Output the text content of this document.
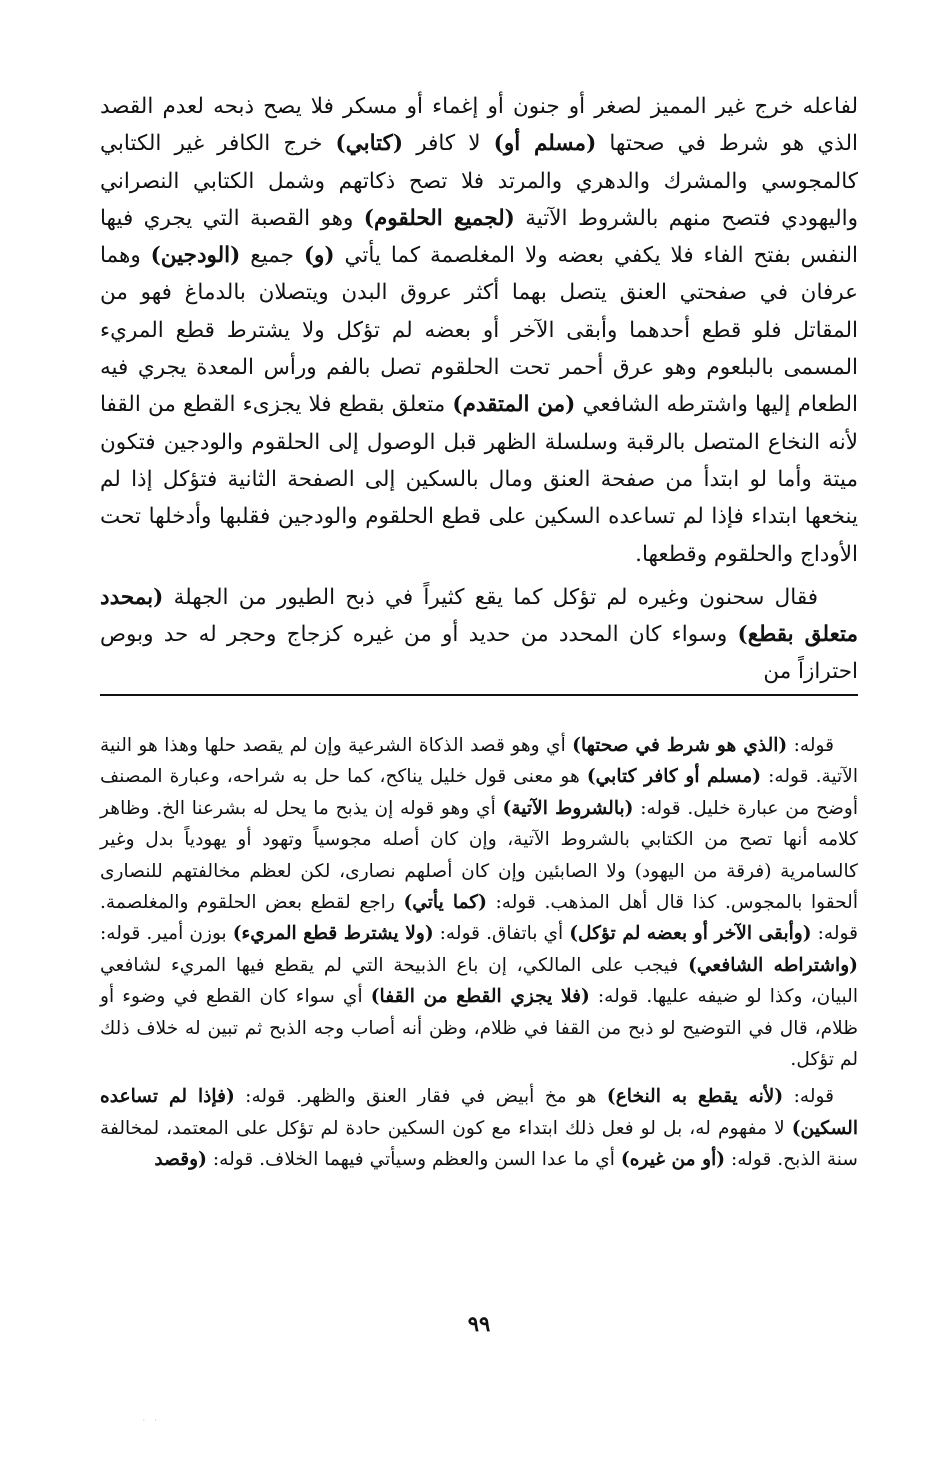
لفاعله خرج غير المميز لصغر أو جنون أو إغماء أو مسكر فلا يصح ذبحه لعدم القصد الذي هو شرط في صحتها (مسلم أو) لا كافر (كتابي) خرج الكافر غير الكتابي كالمجوسي والمشرك والدهري والمرتد فلا تصح ذكاتهم وشمل الكتابي النصراني واليهودي فتصح منهم بالشروط الآتية (لجميع الحلقوم) وهو القصبة التي يجري فيها النفس بفتح الفاء فلا يكفي بعضه ولا المغلصمة كما يأتي (و) جميع (الودجين) وهما عرفان في صفحتي العنق يتصل بهما أكثر عروق البدن ويتصلان بالدماغ فهو من المقاتل فلو قطع أحدهما وأبقى الآخر أو بعضه لم تؤكل ولا يشترط قطع المريء المسمى بالبلعوم وهو عرق أحمر تحت الحلقوم تصل بالفم ورأس المعدة يجري فيه الطعام إليها واشترطه الشافعي (من المتقدم) متعلق بقطع فلا يجزىء القطع من القفا لأنه النخاع المتصل بالرقبة وسلسلة الظهر قبل الوصول إلى الحلقوم والودجين فتكون ميتة وأما لو ابتدأ من صفحة العنق ومال بالسكين إلى الصفحة الثانية فتؤكل إذا لم ينخعها ابتداء فإذا لم تساعده السكين على قطع الحلقوم والودجين فقلبها وأدخلها تحت الأوداج والحلقوم وقطعها.

فقال سحنون وغيره لم تؤكل كما يقع كثيراً في ذبح الطيور من الجهلة (بمحدد متعلق بقطع) وسواء كان المحدد من حديد أو من غيره كزجاج وحجر له حد وبوص احترازاً من

قوله: (الذي هو شرط في صحتها) أي وهو قصد الذكاة الشرعية وإن لم يقصد حلها وهذا هو النية الآتية. قوله: (مسلم أو كافر كتابي) هو معنى قول خليل يناكح، كما حل به شراحه، وعبارة المصنف أوضح من عبارة خليل. قوله: (بالشروط الآتية) أي وهو قوله إن يذبح ما يحل له بشرعنا الخ. وظاهر كلامه أنها تصح من الكتابي بالشروط الآتية، وإن كان أصله مجوسياً وتهود أو يهودياً بدل وغير كالسامرية (فرقة من اليهود) ولا الصابئين وإن كان أصلهم نصارى، لكن لعظم مخالفتهم للنصارى ألحقوا بالمجوس. كذا قال أهل المذهب. قوله: (كما يأتي) راجع لقطع بعض الحلقوم والمغلصمة. قوله: (وأبقى الآخر أو بعضه لم تؤكل) أي باتفاق. قوله: (ولا يشترط قطع المريء) بوزن أمير. قوله: (واشتراطه الشافعي) فيجب على المالكي، إن باع الذبيحة التي لم يقطع فيها المريء لشافعي البيان، وكذا لو ضيفه عليها. قوله: (فلا يجزي القطع من القفا) أي سواء كان القطع في وضوء أو ظلام، قال في التوضيح لو ذبح من القفا في ظلام، وظن أنه أصاب وجه الذبح ثم تبين له خلاف ذلك لم تؤكل.

قوله: (لأنه يقطع به النخاع) هو مخ أبيض في فقار العنق والظهر. قوله: (فإذا لم تساعده السكين) لا مفهوم له، بل لو فعل ذلك ابتداء مع كون السكين حادة لم تؤكل على المعتمد، لمخالفة سنة الذبح. قوله: (أو من غيره) أي ما عدا السن والعظم وسيأتي فيهما الخلاف. قوله: (وقصد

٩٩
· ·
